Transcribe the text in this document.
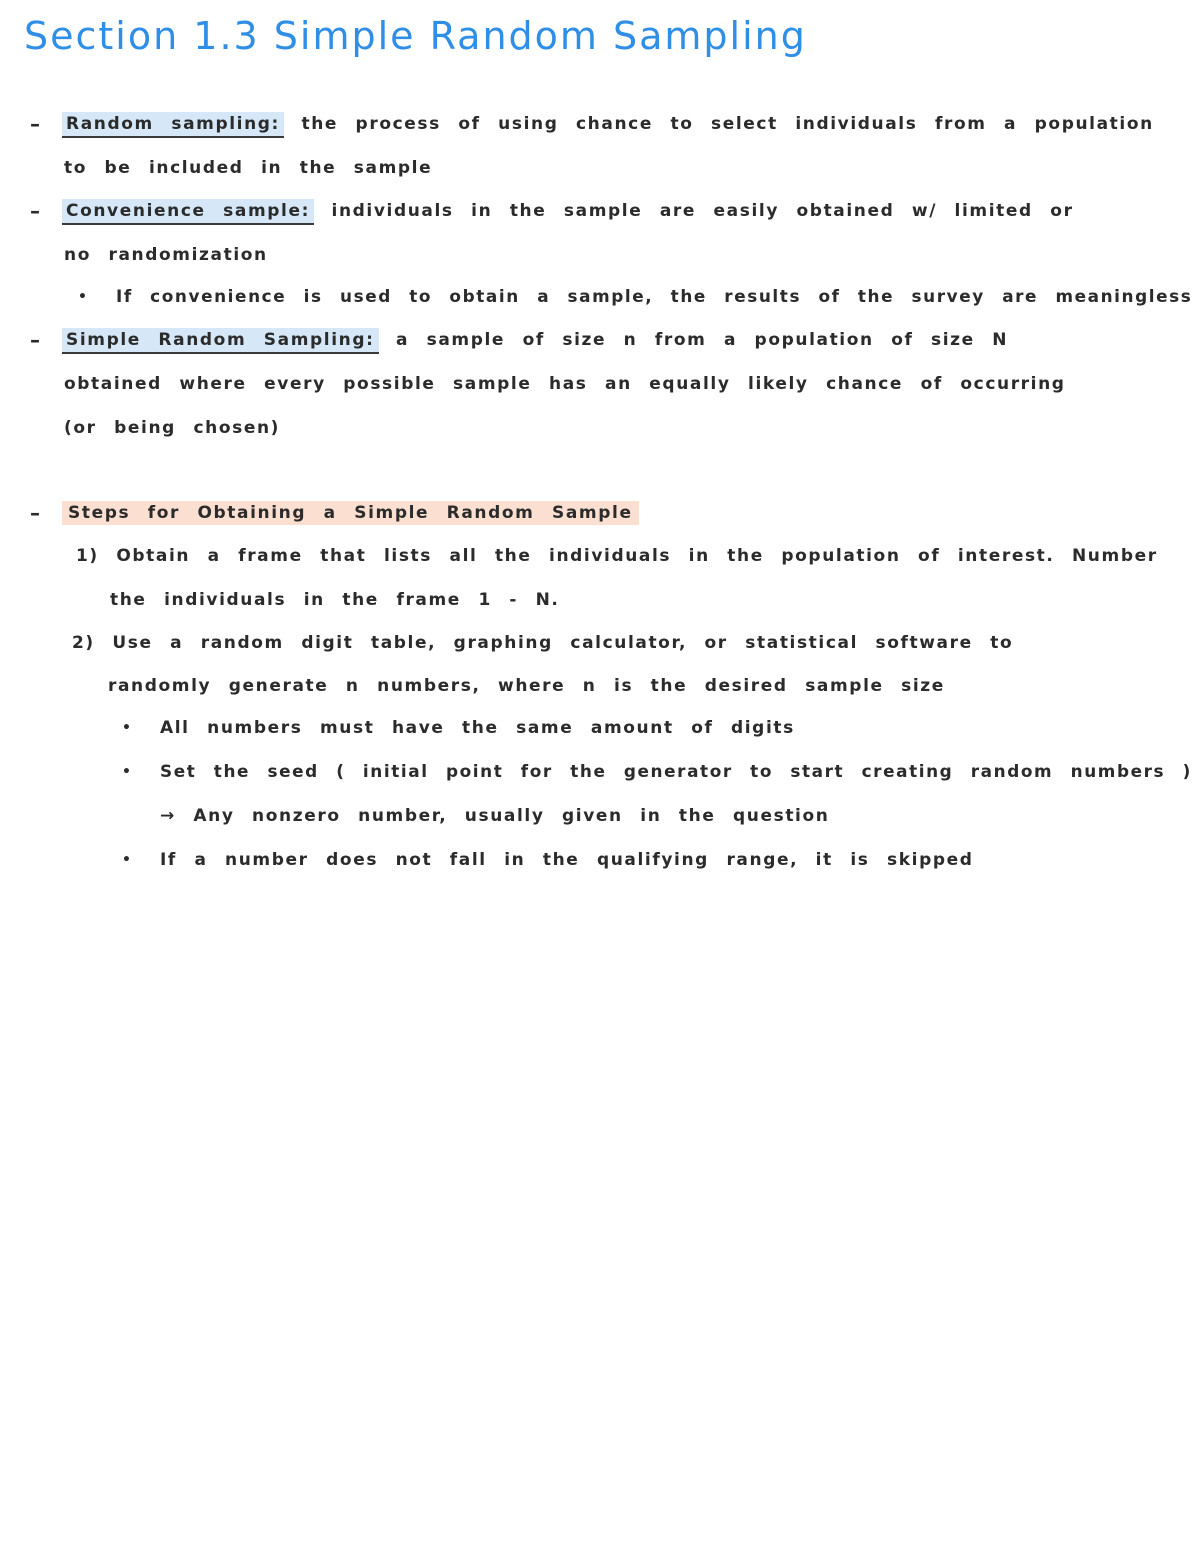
Section 1.3 Simple Random Sampling
– Random sampling: the process of using chance to select individuals from a population
to be included in the sample
– Convenience sample: individuals in the sample are easily obtained w/ limited or
no randomization
• If convenience is used to obtain a sample, the results of the survey are meaningless
– Simple Random Sampling: a sample of size n from a population of size N
obtained where every possible sample has an equally likely chance of occurring
(or being chosen)
–	Steps for Obtaining a Simple Random Sample
1) Obtain a frame that lists all the individuals in the population of interest. Number
the individuals in the frame 1 - N.
2) Use a random digit table, graphing calculator, or statistical software to
randomly generate n numbers, where n is the desired sample size
• All numbers must have the same amount of digits
• Set the seed ( initial point for the generator to start creating random numbers )
→ Any nonzero number, usually given in the question
• If a number does not fall in the qualifying range, it is skipped
